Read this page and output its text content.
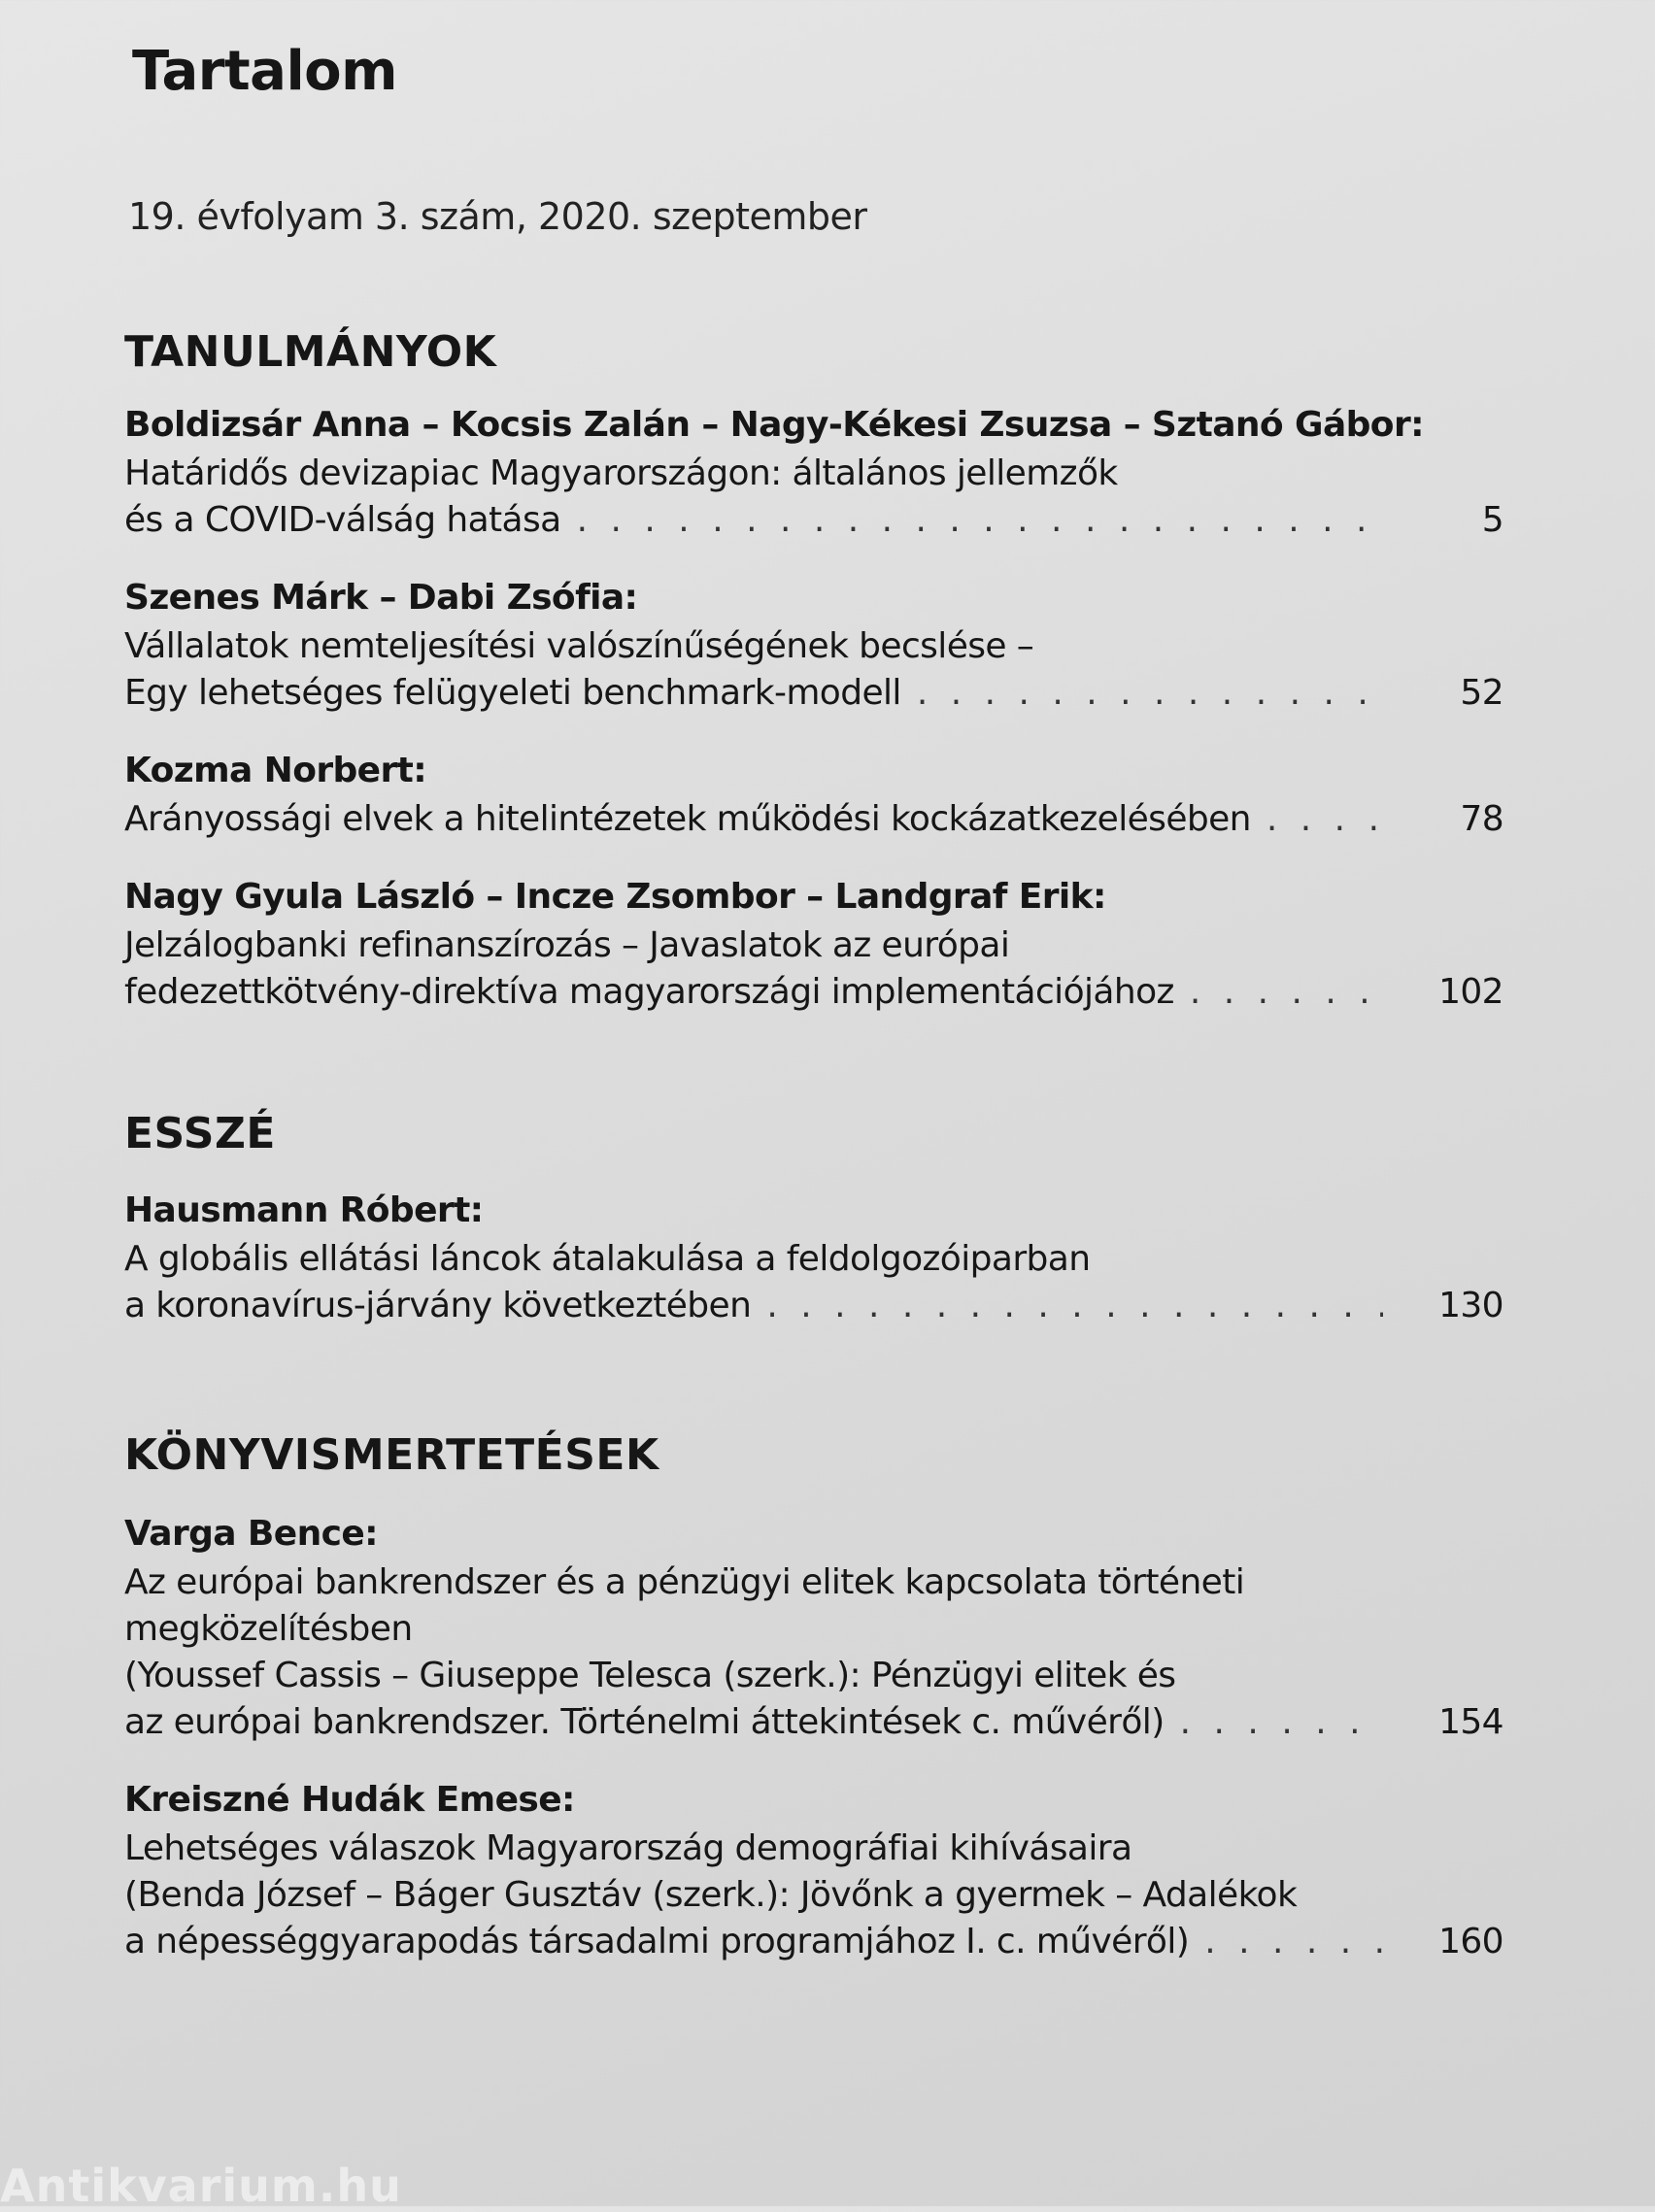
Tartalom
19. évfolyam 3. szám, 2020. szeptember
TANULMÁNYOK
Boldizsár Anna – Kocsis Zalán – Nagy-Kékesi Zsuzsa – Sztanó Gábor:
Határidős devizapiac Magyarországon: általános jellemzők
és a COVID-válság hatása . . .	5
Szenes Márk – Dabi Zsófia:
Vállalatok nemteljesítési valószínűségének becslése –
Egy lehetséges felügyeleti benchmark-modell . . .	52
Kozma Norbert:
Arányossági elvek a hitelintézetek működési kockázatkezelésében . . .	78
Nagy Gyula László – Incze Zsombor – Landgraf Erik:
Jelzálogbanki refinanszírozás – Javaslatok az európai
fedezettkötvény-direktíva magyarországi implementációjához . . .	102
ESSZÉ
Hausmann Róbert:
A globális ellátási láncok átalakulása a feldolgozóiparban
a koronavírus-járvány következtében . . .	130
KÖNYVISMERTETÉSEK
Varga Bence:
Az európai bankrendszer és a pénzügyi elitek kapcsolata történeti
megközelítésben
(Youssef Cassis – Giuseppe Telesca (szerk.): Pénzügyi elitek és
az európai bankrendszer. Történelmi áttekintések c. művéről) . . .	154
Kreiszné Hudák Emese:
Lehetséges válaszok Magyarország demográfiai kihívásaira
(Benda József – Báger Gusztáv (szerk.): Jövőnk a gyermek – Adalékok
a népességgyarapodás társadalmi programjához I. c. művéről) . . .	160
Antikvarium.hu
